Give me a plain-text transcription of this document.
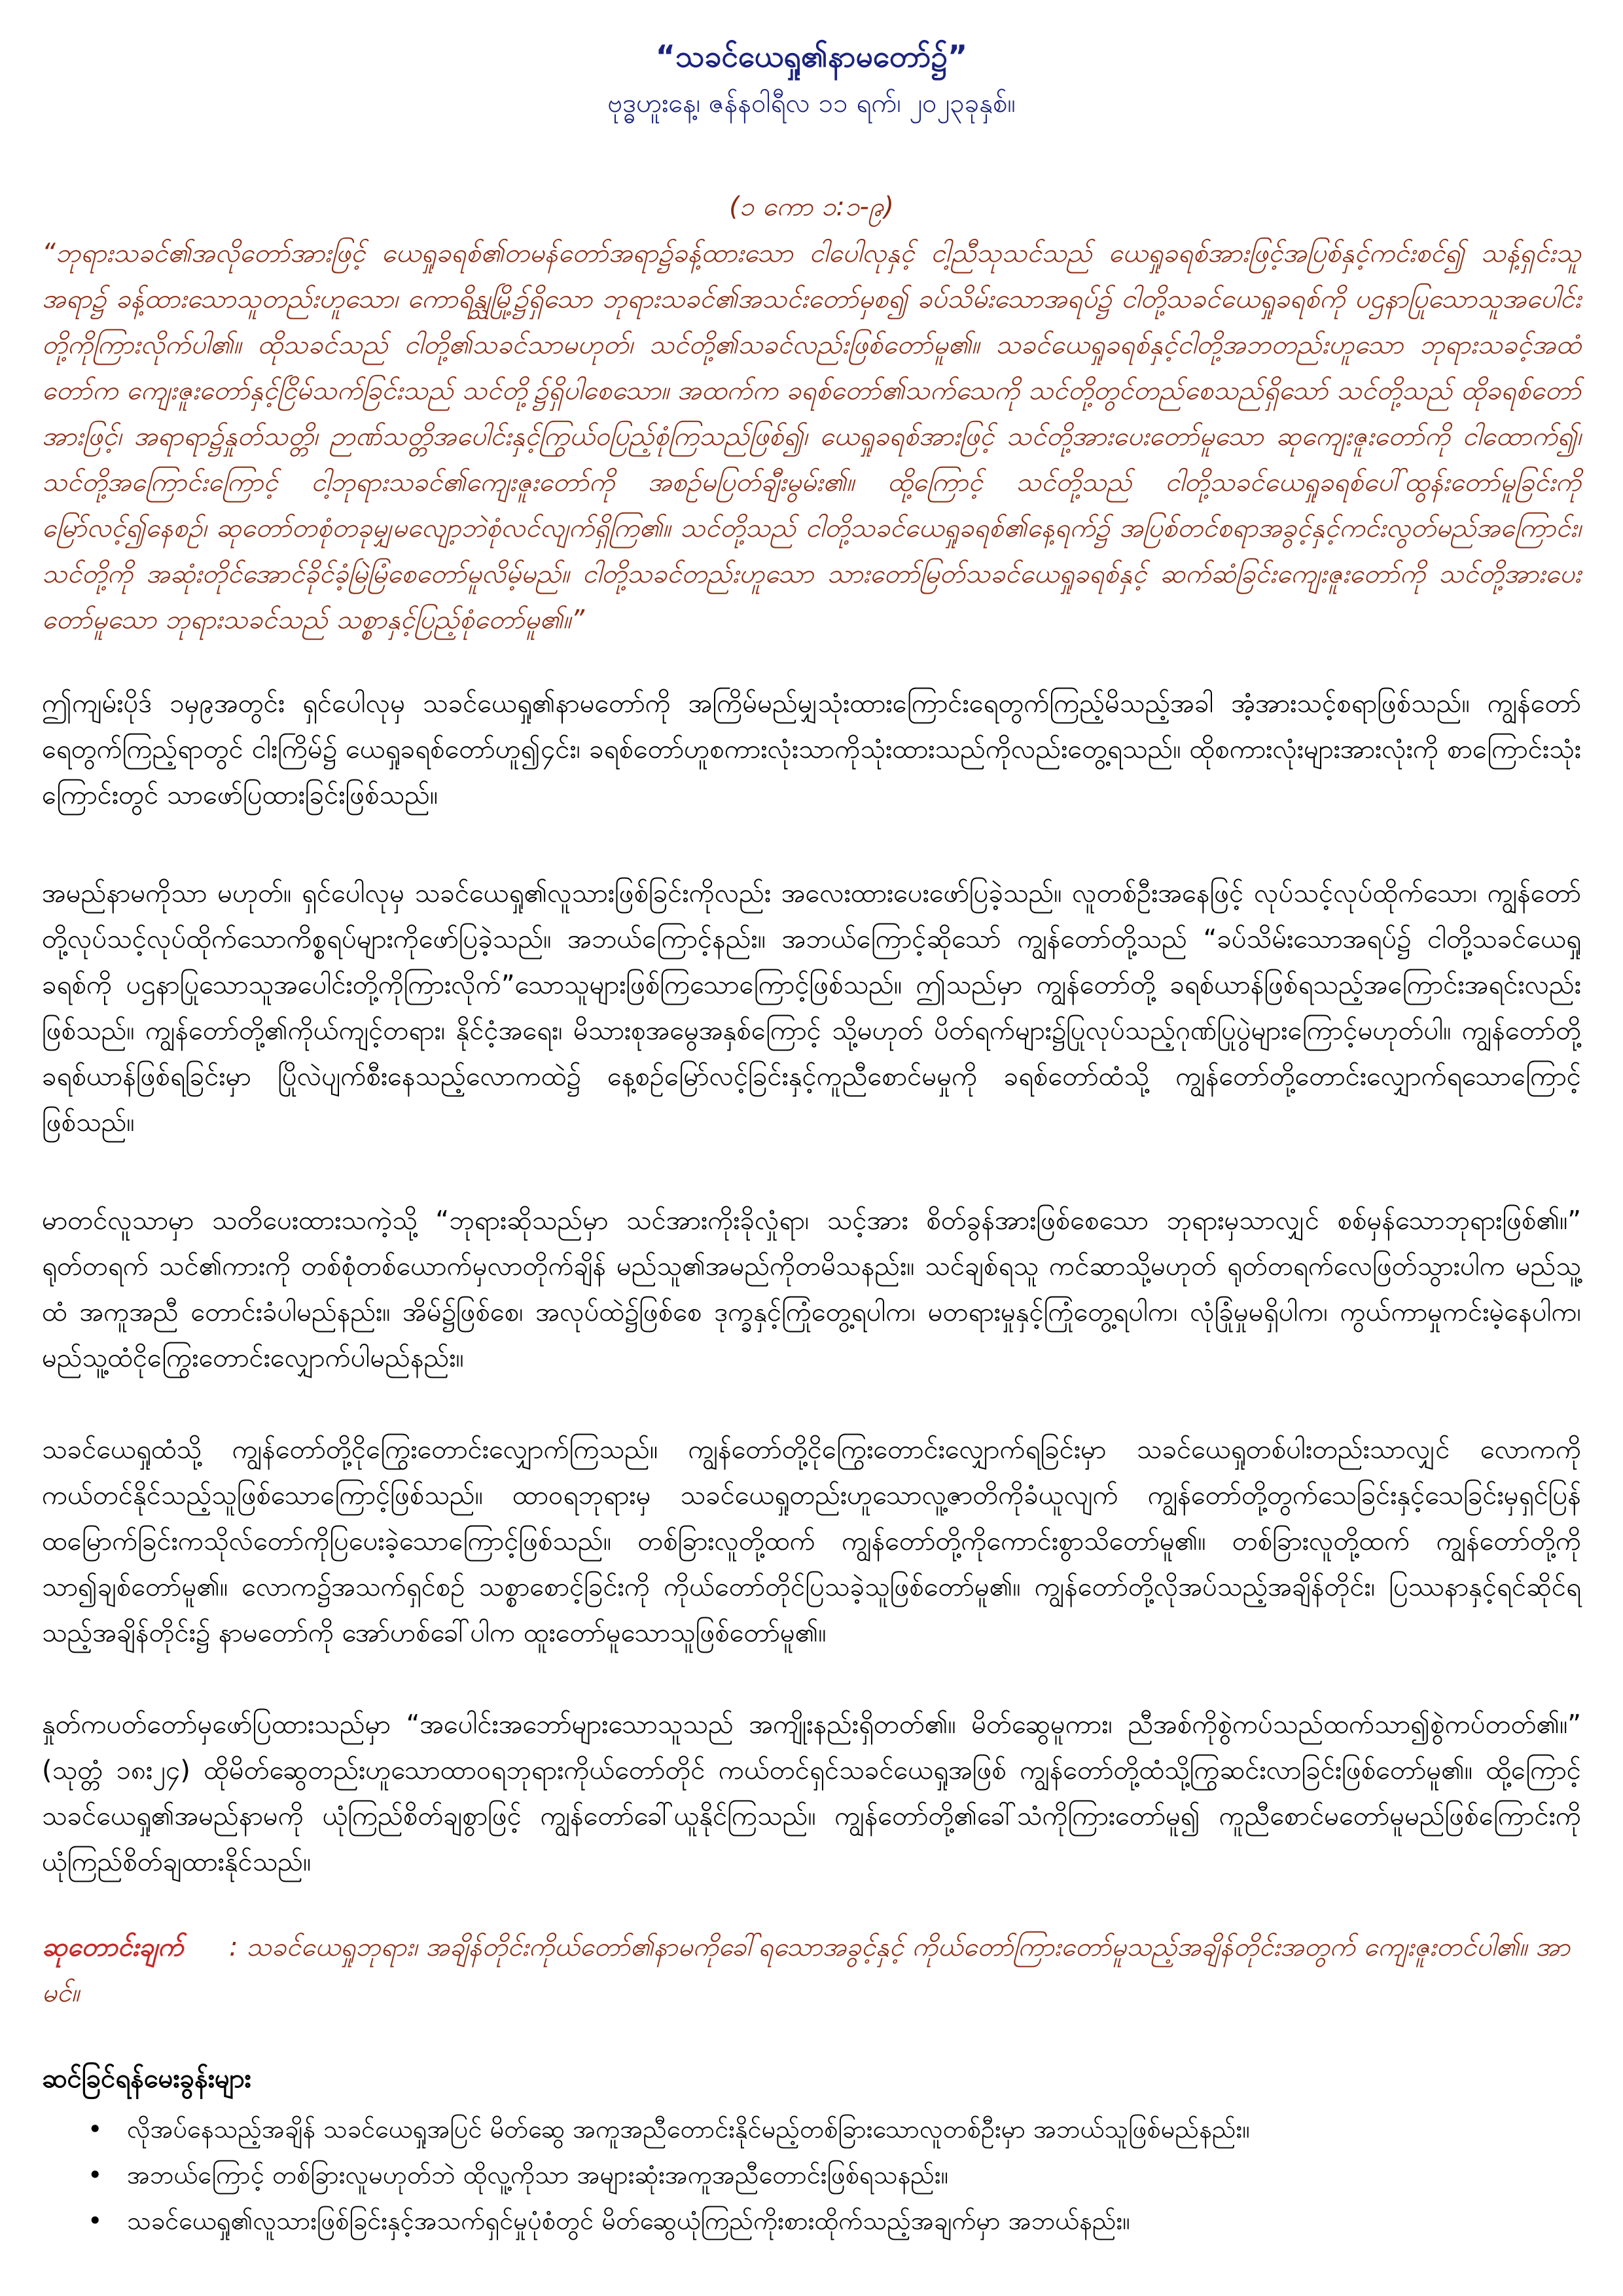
“သခင်ယေရှု၏နာမတော်၌”
ဗုဒ္ဓဟူးနေ့၊ ဇန်နဝါရီလ ၁၁ ရက်၊ ၂၀၂၃ခုနှစ်။
(၁ ကော ၁:၁-၉)
“ဘုရားသခင်၏အလိုတော်အားဖြင့် ယေရှုခရစ်၏တမန်တော်အရာ၌ခန့်ထားသော ငါပေါလုနှင့် ငါ့ညီသုသင်သည် ယေရှုခရစ်အားဖြင့်အပြစ်နှင့်ကင်းစင်၍ သန့်ရှင်းသူအရာ၌ ခန့်ထားသောသူတည်းဟူသော၊ ကောရိန္သုမြို့၌ရှိသော ဘုရားသခင်၏အသင်းတော်မှစ၍ ခပ်သိမ်းသောအရပ်၌ ငါတို့သခင်ယေရှုခရစ်ကို ပဌနာပြုသောသူအပေါင်းတို့ကိုကြားလိုက်ပါ၏။ ထိုသခင်သည် ငါတို့၏သခင်သာမဟုတ်၊ သင်တို့၏သခင်လည်းဖြစ်တော်မူ၏။ သခင်ယေရှုခရစ်နှင့်ငါတို့အဘတည်းဟူသော ဘုရားသခင့်အထံတော်က ကျေးဇူးတော်နှင့်ငြိမ်သက်ခြင်းသည် သင်တို့၌ရှိပါစေသော။ အထက်က ခရစ်တော်၏သက်သေကို သင်တို့တွင်တည်စေသည်ရှိသော် သင်တို့သည် ထိုခရစ်တော်အားဖြင့်၊ အရာရာ၌နှုတ်သတ္တိ၊ ဉာဏ်သတ္တိအပေါင်းနှင့်ကြွယ်ဝပြည့်စုံကြသည်ဖြစ်၍၊ ယေရှုခရစ်အားဖြင့် သင်တို့အားပေးတော်မူသော ဆုကျေးဇူးတော်ကို ငါထောက်၍၊ သင်တို့အကြောင်းကြောင့် ငါ့ဘုရားသခင်၏ကျေးဇူးတော်ကို အစဉ်မပြတ်ချီးမွမ်း၏။ ထို့ကြောင့် သင်တို့သည် ငါတို့သခင်ယေရှုခရစ်ပေါ်ထွန်းတော်မူခြင်းကို မြော်လင့်၍နေစဉ်၊ ဆုတော်တစုံတခုမျှမလျော့ဘဲစုံလင်လျက်ရှိကြ၏။ သင်တို့သည် ငါတို့သခင်ယေရှုခရစ်၏နေ့ရက်၌ အပြစ်တင်စရာအခွင့်နှင့်ကင်းလွတ်မည်အကြောင်း၊ သင်တို့ကို အဆုံးတိုင်အောင်ခိုင်ခံ့မြဲမြံစေတော်မူလိမ့်မည်။ ငါတို့သခင်တည်းဟူသော သားတော်မြတ်သခင်ယေရှုခရစ်နှင့် ဆက်ဆံခြင်းကျေးဇူးတော်ကို သင်တို့အားပေးတော်မူသော ဘုရားသခင်သည် သစ္စာနှင့်ပြည့်စုံတော်မူ၏။”
ဤကျမ်းပိုဒ် ၁မှ၉အတွင်း ရှင်ပေါလုမှ သခင်ယေရှု၏နာမတော်ကို အကြိမ်မည်မျှသုံးထားကြောင်းရေတွက်ကြည့်မိသည့်အခါ အံ့အားသင့်စရာဖြစ်သည်။ ကျွန်တော်ရေတွက်ကြည့်ရာတွင် ငါးကြိမ်၌ ယေရှုခရစ်တော်ဟူ၍၄င်း၊ ခရစ်တော်ဟူစကားလုံးသာကိုသုံးထားသည်ကိုလည်းတွေ့ရသည်။ ထိုစကားလုံးများအားလုံးကို စာကြောင်းသုံးကြောင်းတွင် သာဖော်ပြထားခြင်းဖြစ်သည်။
အမည်နာမကိုသာ မဟုတ်။ ရှင်ပေါလုမှ သခင်ယေရှု၏လူသားဖြစ်ခြင်းကိုလည်း အလေးထားပေးဖော်ပြခဲ့သည်။ လူတစ်ဦးအနေဖြင့် လုပ်သင့်လုပ်ထိုက်သော၊ ကျွန်တော်တို့လုပ်သင့်လုပ်ထိုက်သောကိစ္စရပ်များကိုဖော်ပြခဲ့သည်။ အဘယ်ကြောင့်နည်း။ အဘယ်ကြောင့်ဆိုသော် ကျွန်တော်တို့သည် “ခပ်သိမ်းသောအရပ်၌ ငါတို့သခင်ယေရှုခရစ်ကို ပဌနာပြုသောသူအပေါင်းတို့ကိုကြားလိုက်”သောသူများဖြစ်ကြသောကြောင့်ဖြစ်သည်။ ဤသည်မှာ ကျွန်တော်တို့ ခရစ်ယာန်ဖြစ်ရသည့်အကြောင်းအရင်းလည်းဖြစ်သည်။ ကျွန်တော်တို့၏ကိုယ်ကျင့်တရား၊ နိုင်ငံ့အရေး၊ မိသားစုအမွေအနှစ်ကြောင့် သို့မဟုတ် ပိတ်ရက်များ၌ပြုလုပ်သည့်ဂုဏ်ပြုပွဲများကြောင့်မဟုတ်ပါ။ ကျွန်တော်တို့ခရစ်ယာန်ဖြစ်ရခြင်းမှာ ပြိုလဲပျက်စီးနေသည့်လောကထဲ၌ နေ့စဉ်မြော်လင့်ခြင်းနှင့်ကူညီစောင်မမှုကို ခရစ်တော်ထံသို့ ကျွန်တော်တို့တောင်းလျှောက်ရသောကြောင့်ဖြစ်သည်။
မာတင်လူသာမှာ သတိပေးထားသကဲ့သို့ “ဘုရားဆိုသည်မှာ သင်အားကိုးခိုလှုံရာ၊ သင့်အား စိတ်ခွန်အားဖြစ်စေသော ဘုရားမှသာလျှင် စစ်မှန်သောဘုရားဖြစ်၏။” ရုတ်တရက် သင်၏ကားကို တစ်စုံတစ်ယောက်မှလာတိုက်ချိန် မည်သူ၏အမည်ကိုတမိသနည်း။ သင်ချစ်ရသူ ကင်ဆာသို့မဟုတ် ရုတ်တရက်လေဖြတ်သွားပါက မည်သူ့ထံ အကူအညီ တောင်းခံပါမည်နည်း။ အိမ်၌ဖြစ်စေ၊ အလုပ်ထဲ၌ဖြစ်စေ ဒုက္ခနှင့်ကြုံတွေ့ရပါက၊ မတရားမှုနှင့်ကြုံတွေ့ရပါက၊ လုံခြုံမှုမရှိပါက၊ ကွယ်ကာမှုကင်းမဲ့နေပါက၊ မည်သူ့ထံငိုကြွေးတောင်းလျှောက်ပါမည်နည်း။
သခင်ယေရှုထံသို့ ကျွန်တော်တို့ငိုကြွေးတောင်းလျှောက်ကြသည်။ ကျွန်တော်တို့ငိုကြွေးတောင်းလျှောက်ရခြင်းမှာ သခင်ယေရှုတစ်ပါးတည်းသာလျှင် လောကကို ကယ်တင်နိုင်သည့်သူဖြစ်သောကြောင့်ဖြစ်သည်။ ထာဝရဘုရားမှ သခင်ယေရှုတည်းဟူသောလူ့ဇာတိကိုခံယူလျက် ကျွန်တော်တို့တွက်သေခြင်းနှင့်သေခြင်းမှရှင်ပြန်ထမြောက်ခြင်းကသိုလ်တော်ကိုပြပေးခဲ့သောကြောင့်ဖြစ်သည်။ တစ်ခြားလူတို့ထက် ကျွန်တော်တို့ကိုကောင်းစွာသိတော်မူ၏။ တစ်ခြားလူတို့ထက် ကျွန်တော်တို့ကို သာ၍ချစ်တော်မူ၏။ လောက၌အသက်ရှင်စဉ် သစ္စာစောင့်ခြင်းကို ကိုယ်တော်တိုင်ပြသခဲ့သူဖြစ်တော်မူ၏။ ကျွန်တော်တို့လိုအပ်သည့်အချိန်တိုင်း၊ ပြဿနာနှင့်ရင်ဆိုင်ရသည့်အချိန်တိုင်း၌ နာမတော်ကို အော်ဟစ်ခေါ်ပါက ထူးတော်မူသောသူဖြစ်တော်မူ၏။
နှုတ်ကပတ်တော်မှဖော်ပြထားသည်မှာ “အပေါင်းအဘော်များသောသူသည် အကျိုးနည်းရှိတတ်၏။ မိတ်ဆွေမူကား၊ ညီအစ်ကိုစွဲကပ်သည်ထက်သာ၍စွဲကပ်တတ်၏။” (သုတ္တံ ၁၈း၂၄) ထိုမိတ်ဆွေတည်းဟူသောထာဝရဘုရားကိုယ်တော်တိုင် ကယ်တင်ရှင်သခင်ယေရှုအဖြစ် ကျွန်တော်တို့ထံသို့ကြွဆင်းလာခြင်းဖြစ်တော်မူ၏။ ထို့ကြောင့် သခင်ယေရှု၏အမည်နာမကို ယုံကြည်စိတ်ချစွာဖြင့် ကျွန်တော်ခေါ်ယူနိုင်ကြသည်။ ကျွန်တော်တို့၏ခေါ်သံကိုကြားတော်မူ၍ ကူညီစောင်မတော်မူမည်ဖြစ်ကြောင်းကို ယုံကြည်စိတ်ချထားနိုင်သည်။
ဆုတောင်းချက် : သခင်ယေရှုဘုရား၊ အချိန်တိုင်းကိုယ်တော်၏နာမကိုခေါ်ရသောအခွင့်နှင့် ကိုယ်တော်ကြားတော်မူသည့်အချိန်တိုင်းအတွက် ကျေးဇူးတင်ပါ၏။ အာမင်။
ဆင်ခြင်ရန်မေးခွန်းများ
• လိုအပ်နေသည့်အချိန် သခင်ယေရှုအပြင် မိတ်ဆွေ အကူအညီတောင်းနိုင်မည့်တစ်ခြားသောလူတစ်ဦးမှာ အဘယ်သူဖြစ်မည်နည်း။
• အဘယ်ကြောင့် တစ်ခြားလူမဟုတ်ဘဲ ထိုလူ့ကိုသာ အများဆုံးအကူအညီတောင်းဖြစ်ရသနည်း။
• သခင်ယေရှု၏လူသားဖြစ်ခြင်းနှင့်အသက်ရှင်မှုပုံစံတွင် မိတ်ဆွေယုံကြည်ကိုးစားထိုက်သည့်အချက်မှာ အဘယ်နည်း။
